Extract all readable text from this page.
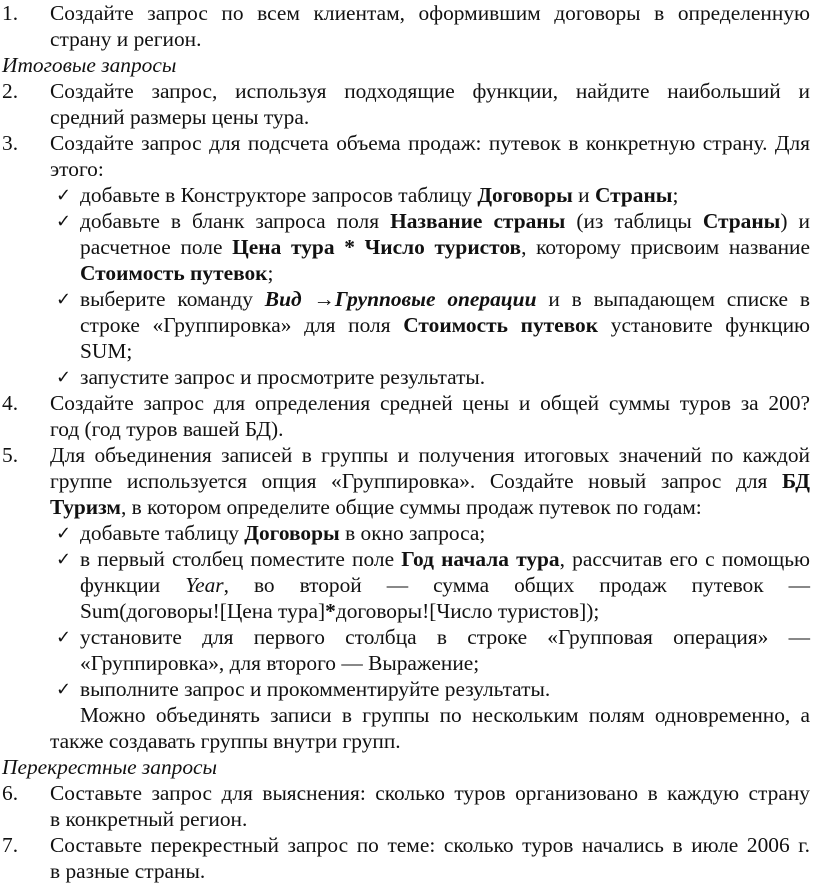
1. Создайте запрос по всем клиентам, оформившим договоры в определенную
страну и регион.
Итоговые запросы
2. Создайте запрос, используя подходящие функции, найдите наибольший и
средний размеры цены тура.
3. Создайте запрос для подсчета объема продаж: путевок в конкретную страну. Для
этого:
✓ добавьте в Конструкторе запросов таблицу Договоры и Страны;
✓ добавьте в бланк запроса поля Название страны (из таблицы Страны) и
расчетное поле Цена тура * Число туристов, которому присвоим название
Стоимость путевок;
✓ выберите команду Вид →Групповые операции и в выпадающем списке в
строке «Группировка» для поля Стоимость путевок установите функцию
SUM;
✓ запустите запрос и просмотрите результаты.
4. Создайте запрос для определения средней цены и общей суммы туров за 200?
год (год туров вашей БД).
5. Для объединения записей в группы и получения итоговых значений по каждой
группе используется опция «Группировка». Создайте новый запрос для БД
Туризм, в котором определите общие суммы продаж путевок по годам:
✓ добавьте таблицу Договоры в окно запроса;
✓ в первый столбец поместите поле Год начала тура, рассчитав его с помощью
функции Year, во второй — сумма общих продаж путевок —
Sum(договоры![Цена тура]*договоры![Число туристов]);
✓ установите для первого столбца в строке «Групповая операция» —
«Группировка», для второго — Выражение;
✓ выполните запрос и прокомментируйте результаты.
Можно объединять записи в группы по нескольким полям одновременно, а
также создавать группы внутри групп.
Перекрестные запросы
6. Составьте запрос для выяснения: сколько туров организовано в каждую страну
в конкретный регион.
7. Составьте перекрестный запрос по теме: сколько туров начались в июле 2006 г.
в разные страны.
